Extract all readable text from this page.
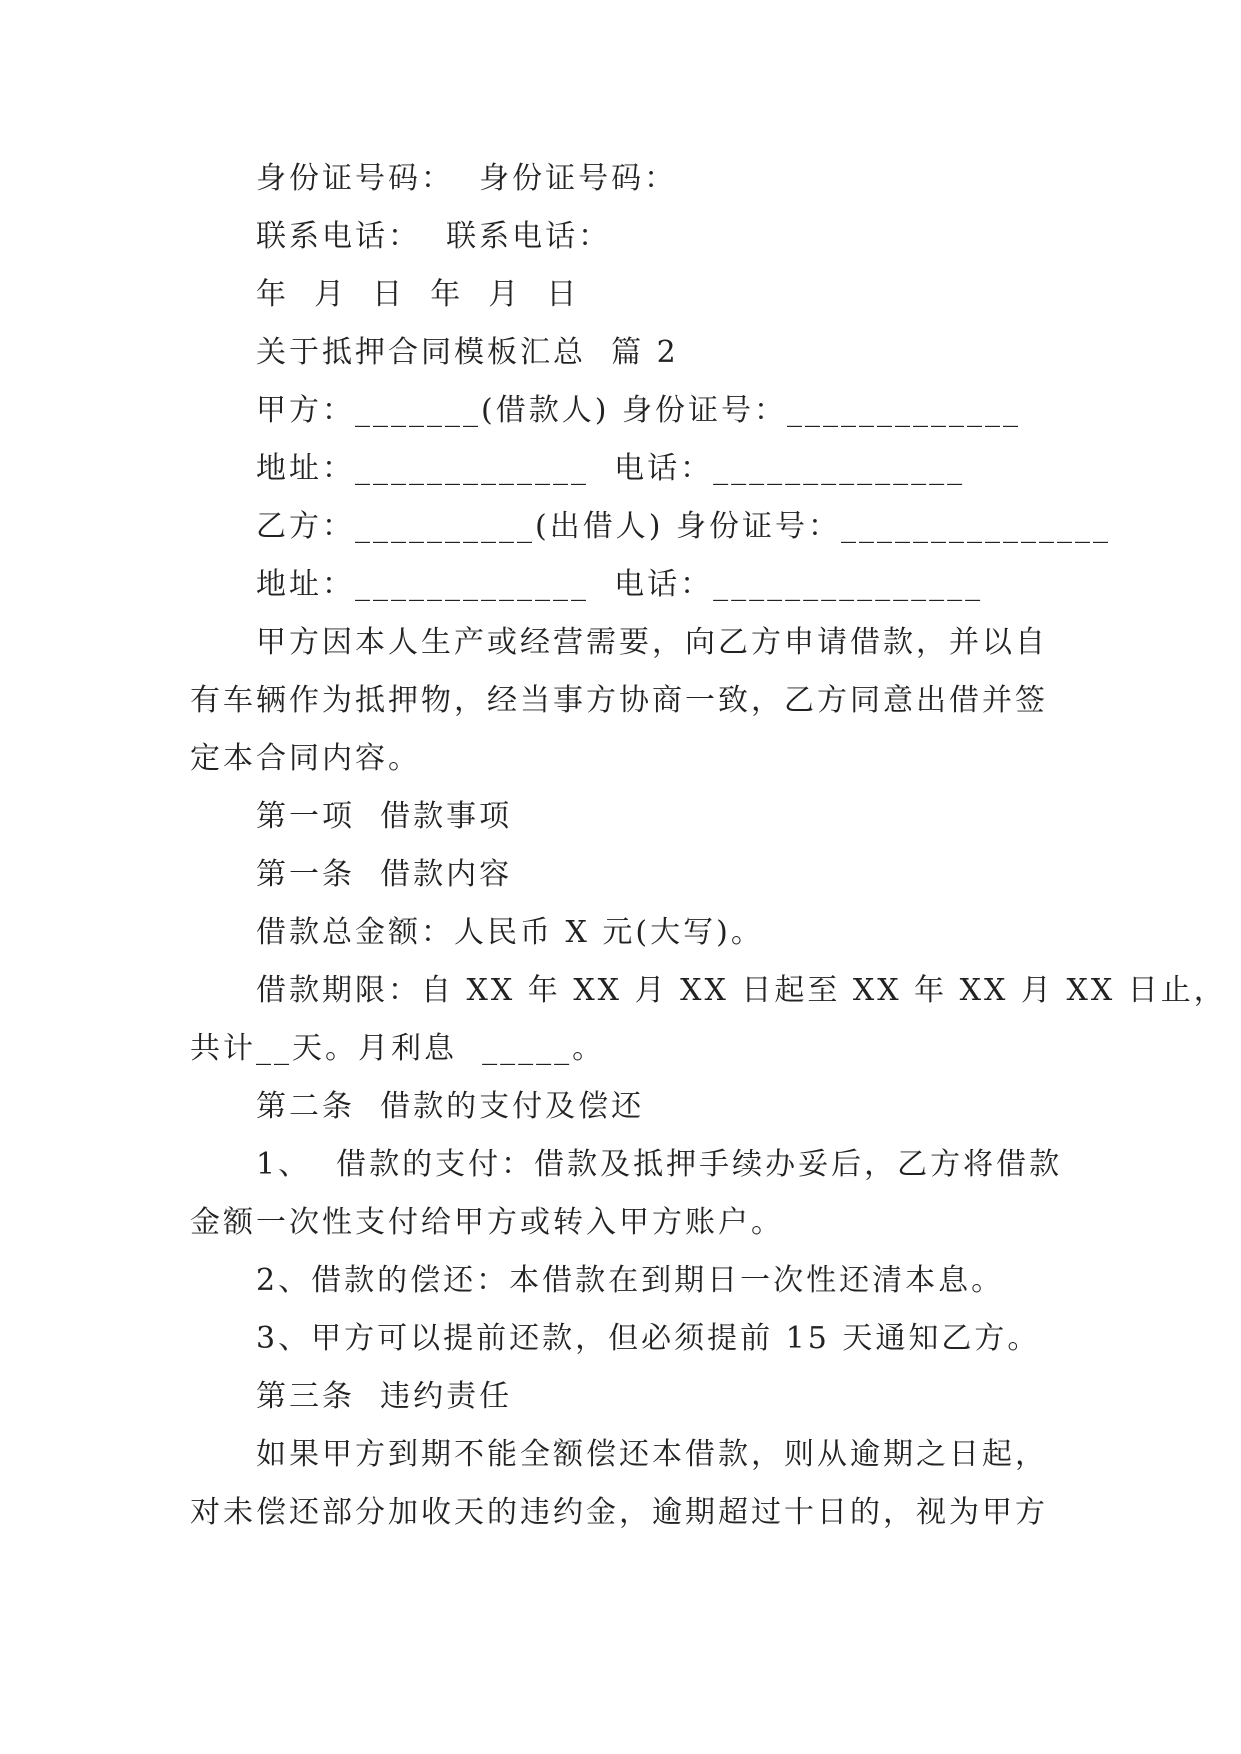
身份证号码：  身份证号码：
联系电话：  联系电话：
年  月  日  年  月  日
关于抵押合同模板汇总  篇 2
甲方：_______(借款人) 身份证号：_____________
地址：_____________  电话：______________
乙方：__________(出借人) 身份证号：_______________
地址：_____________  电话：_______________
甲方因本人生产或经营需要，向乙方申请借款，并以自
有车辆作为抵押物，经当事方协商一致，乙方同意出借并签
定本合同内容。
第一项  借款事项
第一条  借款内容
借款总金额：人民币 X 元(大写)。
借款期限：自 XX 年 XX 月 XX 日起至 XX 年 XX 月 XX 日止，
共计__天。月利息  _____。
第二条  借款的支付及偿还
1、  借款的支付：借款及抵押手续办妥后，乙方将借款
金额一次性支付给甲方或转入甲方账户。
2、借款的偿还：本借款在到期日一次性还清本息。
3、甲方可以提前还款，但必须提前 15 天通知乙方。
第三条  违约责任
如果甲方到期不能全额偿还本借款，则从逾期之日起，
对未偿还部分加收天的违约金，逾期超过十日的，视为甲方
